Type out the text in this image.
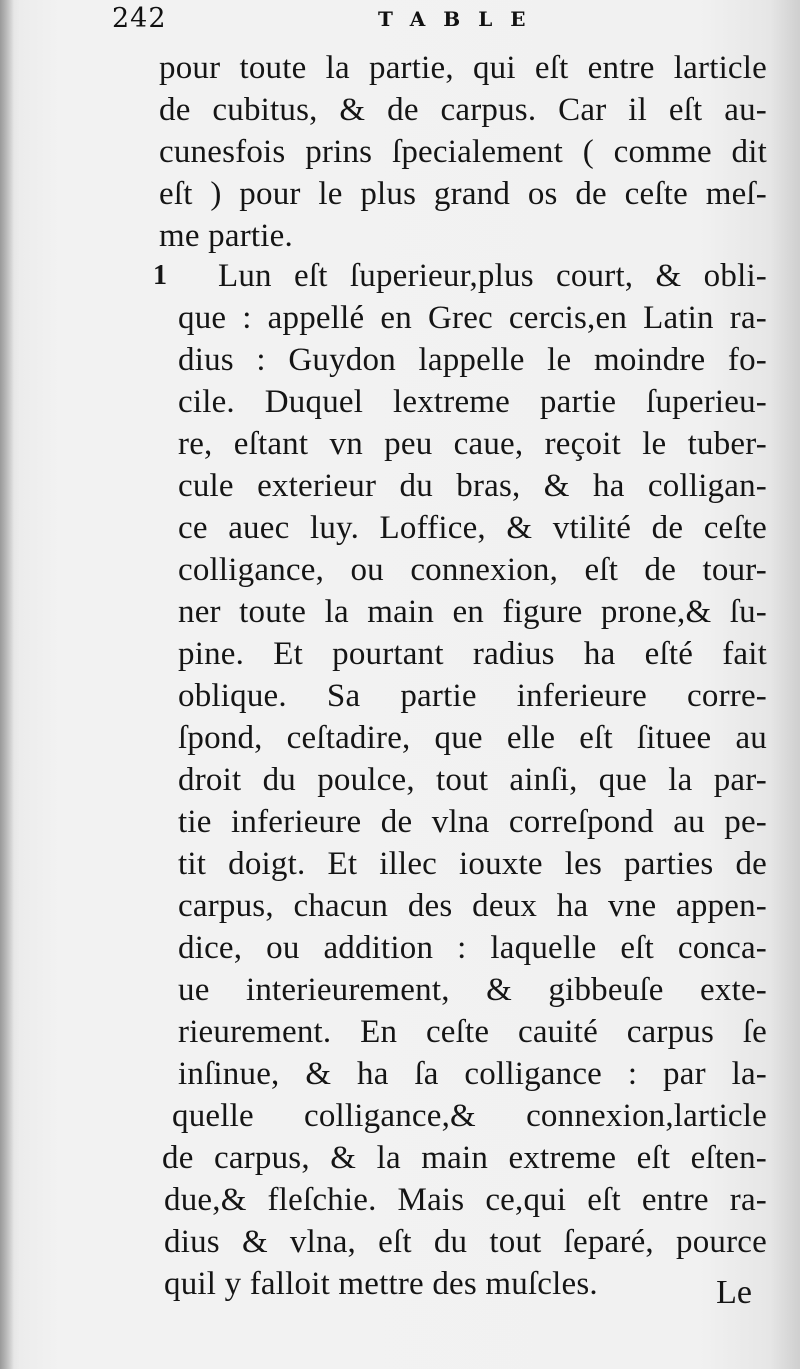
242	TABLE
pour toute la partie, qui eſt entre larticle
de cubitus, & de carpus. Car il eſt au-
cunesfois prins ſpecialement ( comme dit
eſt ) pour le plus grand os de ceſte meſ-
me partie.
1 Lun eſt ſuperieur,plus court, & obli-
que : appellé en Grec cercis,en Latin ra-
dius : Guydon lappelle le moindre fo-
cile. Duquel lextreme partie ſuperieu-
re, eſtant vn peu caue, reçoit le tuber-
cule exterieur du bras, & ha colligan-
ce auec luy. Loffice, & vtilité de ceſte
colligance, ou connexion, eſt de tour-
ner toute la main en figure prone,& ſu-
pine. Et pourtant radius ha eſté fait
oblique. Sa partie inferieure corre-
ſpond, ceſtadire, que elle eſt ſituee au
droit du poulce, tout ainſi, que la par-
tie inferieure de vlna correſpond au pe-
tit doigt. Et illec iouxte les parties de
carpus, chacun des deux ha vne appen-
dice, ou addition : laquelle eſt conca-
ue interieurement, & gibbeuſe exte-
rieurement. En ceſte cauité carpus ſe
inſinue, & ha ſa colligance : par la-
quelle colligance,& connexion,larticle
de carpus, & la main extreme eſt eſten-
due,& fleſchie. Mais ce,qui eſt entre ra-
dius & vlna, eſt du tout ſeparé, pource
quil y falloit mettre des muſcles.	Le
